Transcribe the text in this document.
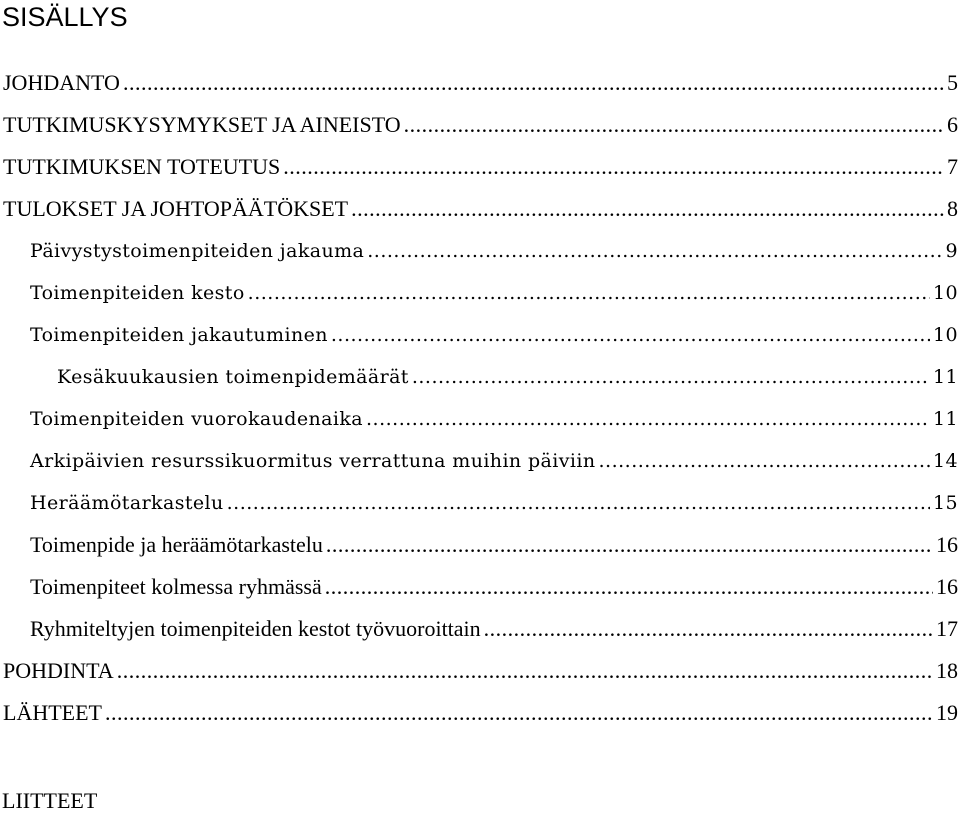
SISÄLLYS
JOHDANTO .....	5
TUTKIMUSKYSYMYKSET JA AINEISTO .....	6
TUTKIMUKSEN TOTEUTUS .....	7
TULOKSET JA JOHTOPÄÄTÖKSET .....	8
Päivystystoimenpiteiden jakauma .....	9
Toimenpiteiden kesto .....	10
Toimenpiteiden jakautuminen .....	10
Kesäkuukausien toimenpidemäärät .....	11
Toimenpiteiden vuorokaudenaika .....	11
Arkipäivien resurssikuormitus verrattuna muihin päiviin .....	14
Heräämötarkastelu .....	15
Toimenpide ja heräämötarkastelu .....	16
Toimenpiteet kolmessa ryhmässä .....	16
Ryhmiteltyjen toimenpiteiden kestot työvuoroittain .....	17
POHDINTA .....	18
LÄHTEET .....	19
LIITTEET
